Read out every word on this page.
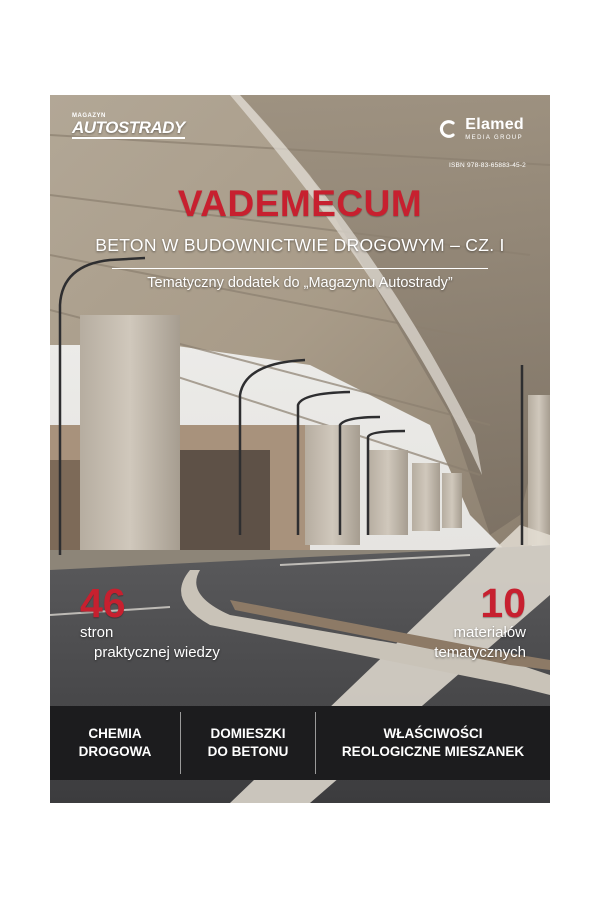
MAGAZYN
AUTOSTRADY	Elamed
MEDIA GROUP
ISBN 978-83-65883-45-2
VADEMECUM
BETON W BUDOWNICTWIE DROGOWYM – CZ. I
Tematyczny dodatek do „Magazynu Autostrady”
46
stron
praktycznej wiedzy
10
materiałów
tematycznych
CHEMIA
DROGOWA
DOMIESZKI
DO BETONU
WŁAŚCIWOŚCI
REOLOGICZNE MIESZANEK
